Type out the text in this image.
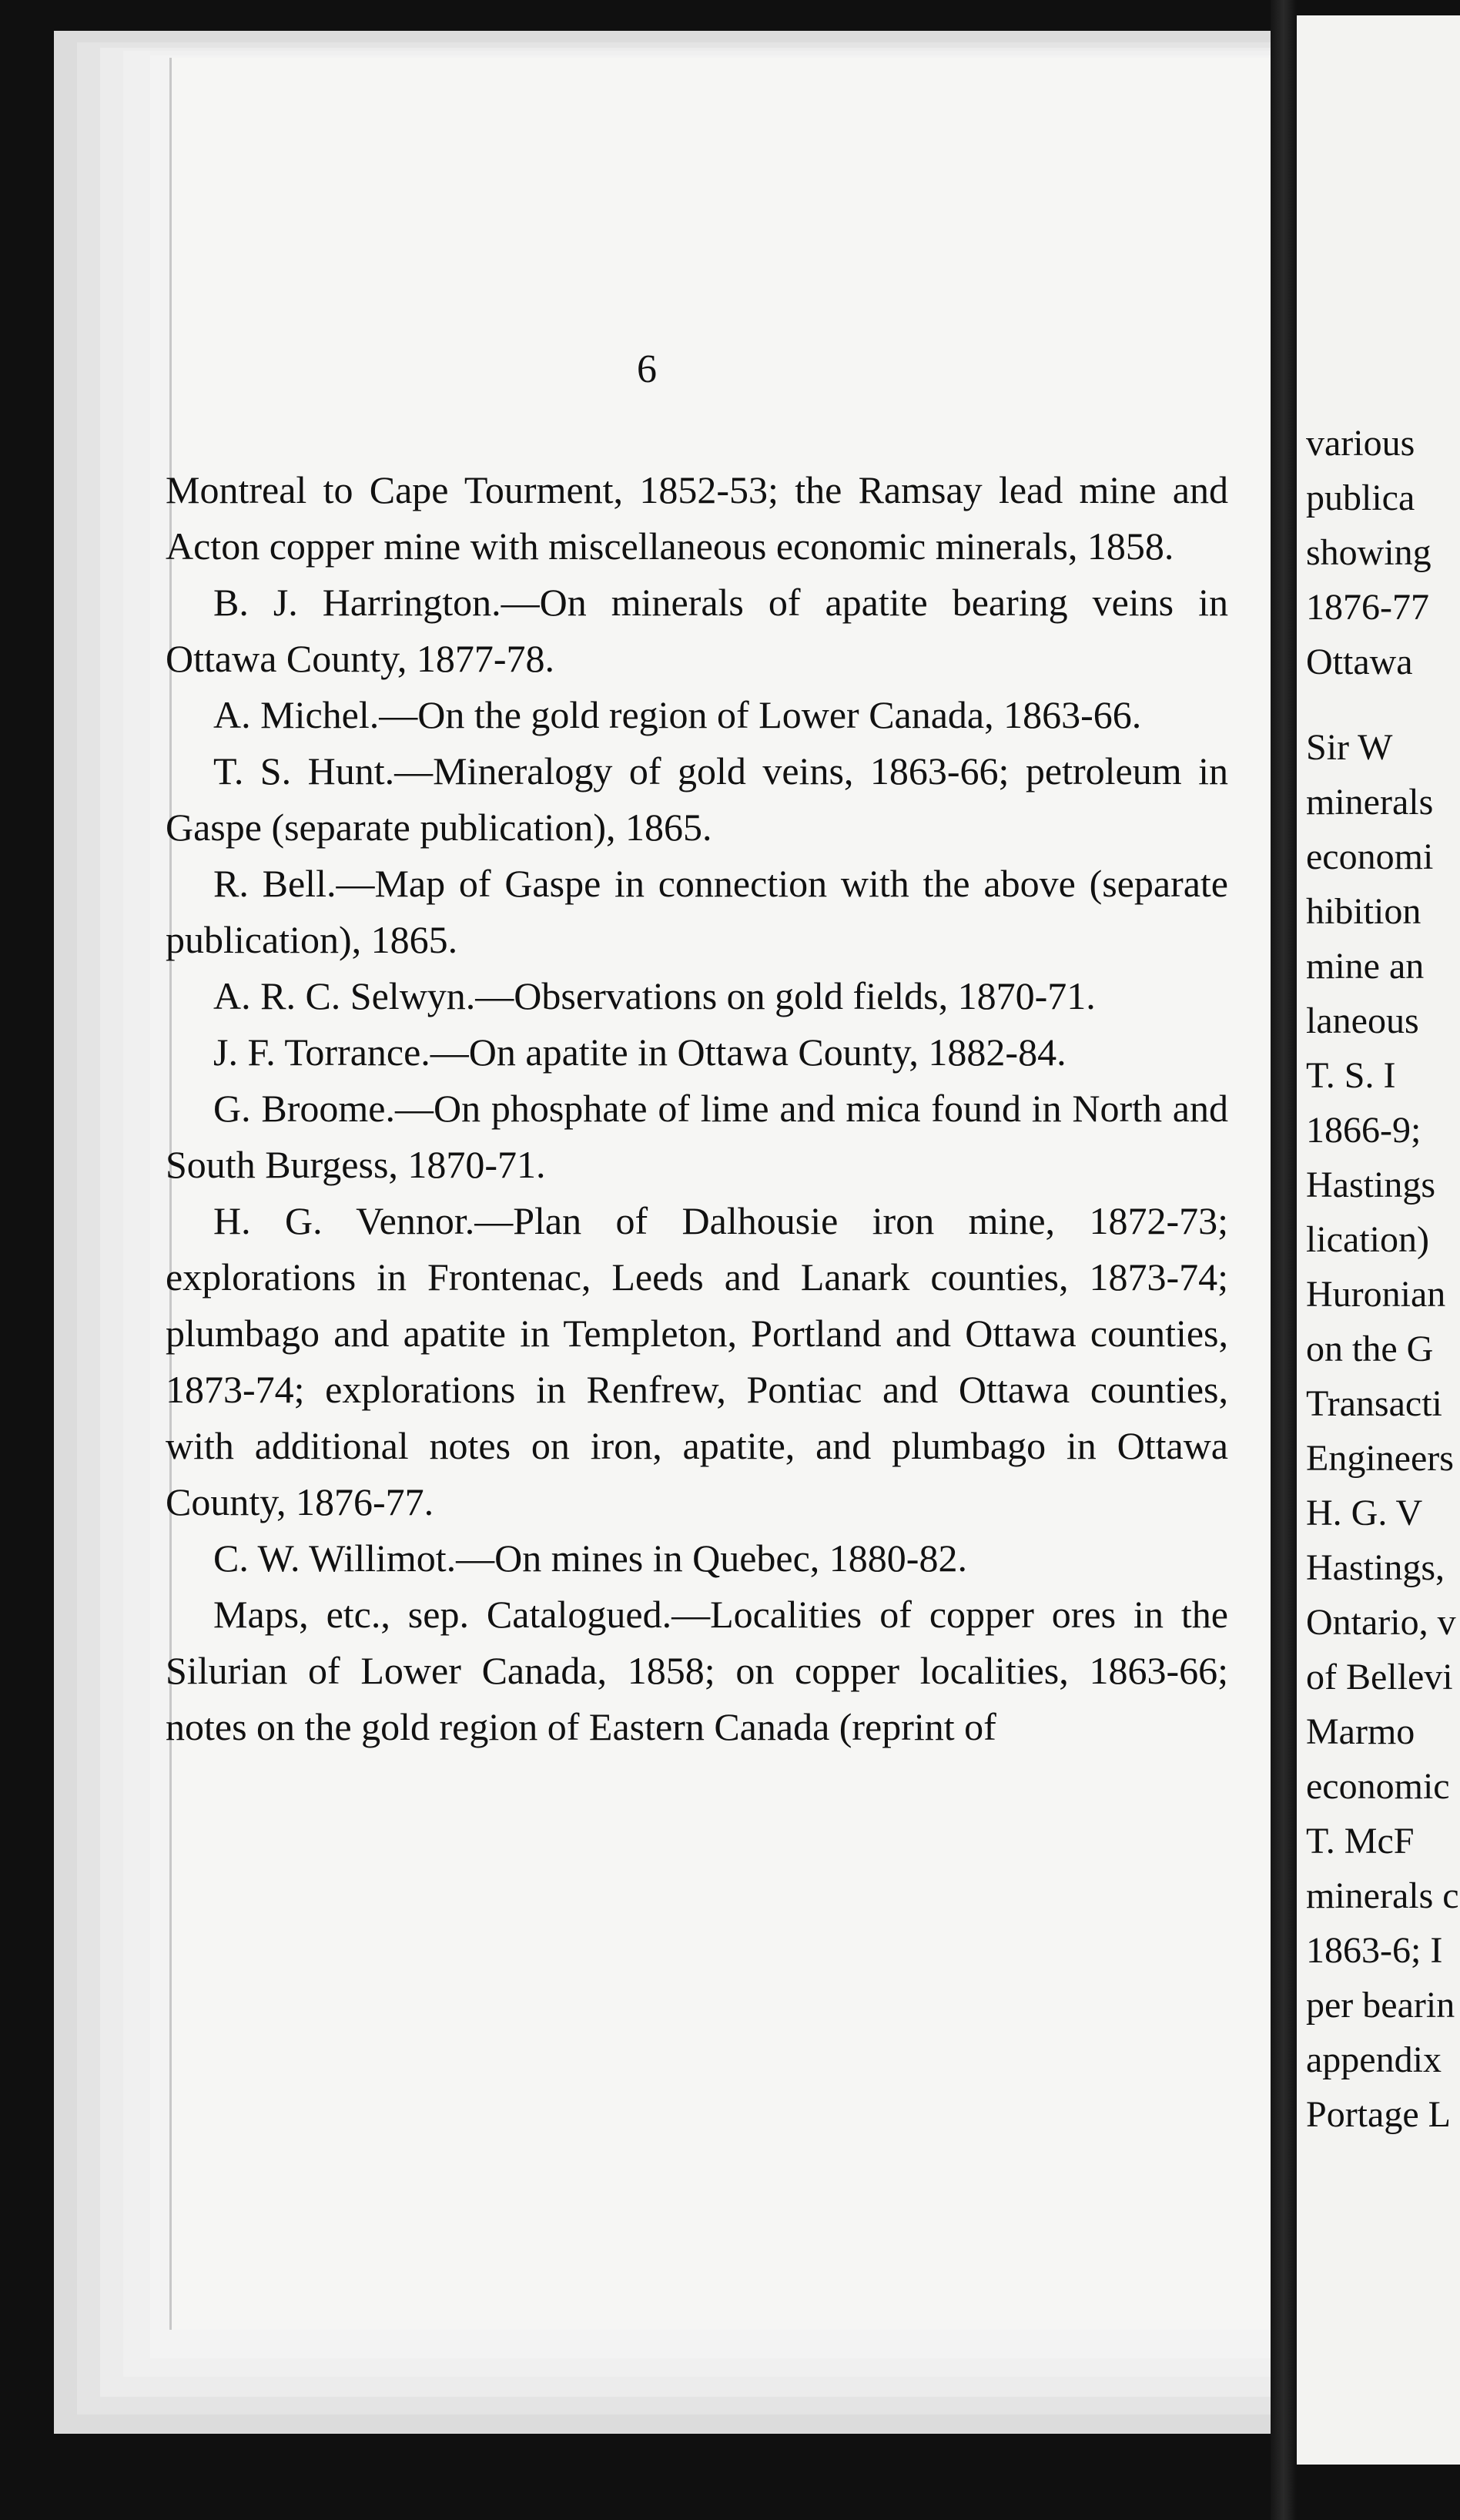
6

Montreal to Cape Tourment, 1852-53; the Ramsay lead mine and Acton copper mine with miscellaneous economic minerals, 1858.

B. J. Harrington.—On minerals of apatite bearing veins in Ottawa County, 1877-78.

A. Michel.—On the gold region of Lower Canada, 1863-66.

T. S. Hunt.—Mineralogy of gold veins, 1863-66; petroleum in Gaspe (separate publication), 1865.

R. Bell.—Map of Gaspe in connection with the above (separate publication), 1865.

A. R. C. Selwyn.—Observations on gold fields, 1870-71.

J. F. Torrance.—On apatite in Ottawa County, 1882-84.

G. Broome.—On phosphate of lime and mica found in North and South Burgess, 1870-71.

H. G. Vennor.—Plan of Dalhousie iron mine, 1872-73; explorations in Frontenac, Leeds and Lanark counties, 1873-74; plumbago and apatite in Templeton, Portland and Ottawa counties, 1873-74; explorations in Renfrew, Pontiac and Ottawa counties, with additional notes on iron, apatite, and plumbago in Ottawa County, 1876-77.

C. W. Willimot.—On mines in Quebec, 1880-82.

Maps, etc., sep. Catalogued.—Localities of copper ores in the Silurian of Lower Canada, 1858; on copper localities, 1863-66; notes on the gold region of Eastern Canada (reprint of

various
publica
showing
1876-77
Ottawa
Sir W
minerals
economi
hibition
mine an
laneous
T. S. I
1866-9;
Hastings
lication)
Huronian
on the G
Transacti
Engineers
H. G. V
Hastings,
Ontario, v
of Bellevi
Marmo
economic
T. McF
minerals c
1863-6; I
per bearin
appendix
Portage L
